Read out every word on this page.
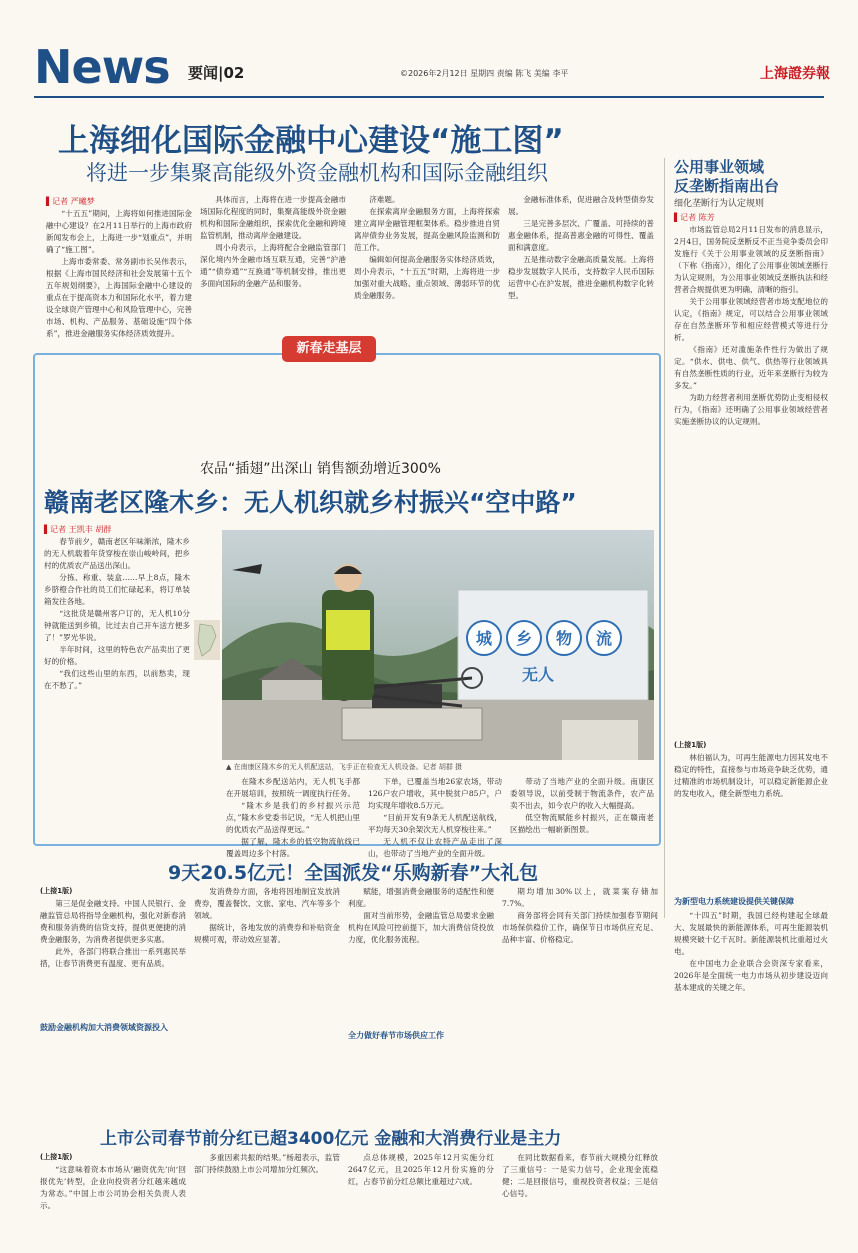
News 要闻|02	©2026年2月12日 星期四 责编 陈飞 美编 李平	上海證券報
上海细化国际金融中心建设“施工图”
将进一步集聚高能级外资金融机构和国际金融组织
▌记者 严曦梦

“十五五”期间，上海将如何推进国际金融中心建设？在2月11日举行的上海市政府新闻发布会上，上海进一步“划重点”，并明确了“施工图”。

上海市委常委、常务副市长吴伟表示，根据《上海市国民经济和社会发展第十五个五年规划纲要》，上海国际金融中心建设的重点在于提高资本力和国际化水平，着力建设全球资产管理中心和风险管理中心，完善市场、机构、产品服务、基础设施“四个体系”，推进金融服务实体经济质效提升。

具体而言，上海将在进一步提高金融市场国际化程度的同时，集聚高能级外资金融机构和国际金融组织，探索优化金融和跨境监管机制，推动离岸金融建设。

周小舟表示，上海将配合金融监管部门深化境内外金融市场互联互通，完善“沪港通”“债券通”“互换通”等机制安排，推出更多面向国际的金融产品和服务。

济难题。

在探索离岸金融服务方面，上海将探索建立离岸金融管理框架体系。稳步推进自贸离岸债券业务发展，提高金融风险监测和防范工作。

编辑如何提高金融服务实体经济质效，周小舟表示，“十五五”时期，上海将进一步加强对重大战略、重点领域、薄弱环节的优质金融服务。

金融标准体系，促进融合及转型债券发展。

三是完善多层次、广覆盖、可持续的普惠金融体系，提高普惠金融的可得性、覆盖面和满意度。

五是推动数字金融高质量发展。上海将稳步发展数字人民币，支持数字人民币国际运营中心在沪发展，推进金融机构数字化转型。

公用事业领域
反垄断指南出台
细化垄断行为认定规则
▌记者 陈芳

市场监管总局2月11日发布的消息显示，2月4日，国务院反垄断反不正当竞争委员会印发施行《关于公用事业领域的反垄断指南》（下称《指南》），细化了公用事业领域垄断行为认定规则，为公用事业领域反垄断执法和经营者合规提供更为明确、清晰的指引。

关于公用事业领域经营者市场支配地位的认定，《指南》规定，可以结合公用事业领域存在自然垄断环节和相应经营模式等进行分析。

《指南》还对滥施条件性行为做出了规定。“供水、供电、供气、供热等行业领域具有自然垄断性质的行业，近年来垄断行为较为多发。”

为助力经营者利用垄断优势防止变相侵权行为，《指南》还明确了公用事业领域经营者实施垄断协议的认定规则。

(上接1版)

林伯福认为，可再生能源电力因其发电不稳定的特性，直接参与市场竞争缺乏优势，通过精准的市场机制设计，可以稳定新能源企业的发电收入，健全新型电力系统。

为新型电力系统建设提供关键保障

“十四五”时期，我国已经构建起全球最大、发展最快的新能源体系，可再生能源装机规模突破十亿千瓦时。新能源装机比重超过火电。

在中国电力企业联合会资深专家看来，2026年是全面统一电力市场从初步建设迈向基本建成的关键之年。

新春走基层
农品“插翅”出深山 销售额劲增近300%
赣南老区隆木乡：无人机织就乡村振兴“空中路”
▌记者 王凯丰 胡群

春节前夕，赣南老区年味渐浓，隆木乡的无人机载着年货穿梭在崇山峻岭间，把乡村的优质农产品送出深山。

分拣、称重、装盒……早上8点，隆木乡脐橙合作社的员工们忙碌起来，将订单装箱发往各地。

“这批货是赣州客户订的，无人机10分钟就能送到乡镇，比过去自己开车送方便多了！”罗光华说。

半年时间，这里的特色农产品卖出了更好的价格。

“我们这些山里的东西，以前愁卖，现在不愁了。”

城 乡 物 流无人
▲ 在南康区隆木乡的无人机配送站，飞手正在检查无人机设备。记者 胡群 摄

在隆木乡配送站内，无人机飞手都在开展培训，按照统一调度执行任务。

“隆木乡是我们的乡村振兴示范点，”隆木乡党委书记说，“无人机把山里的优质农产品送得更远。”

据了解，隆木乡的低空物流航线已覆盖周边多个村落。

下单，已覆盖当地26家农场，带动126户农户增收，其中脱贫户85户，户均实现年增收8.5万元。

“目前开发有9条无人机配送航线，平均每天30余架次无人机穿梭往来。”

无人机不仅让农特产品走出了深山，也带动了当地产业的全面升级。

带动了当地产业的全面升级。南康区委领导说，以前受制于物流条件，农产品卖不出去，如今农户的收入大幅提高。

低空物流赋能乡村振兴，正在赣南老区描绘出一幅崭新图景。

9天20.5亿元！全国派发“乐购新春”大礼包
(上接1版)

第三是促金融支持。中国人民银行、金融监管总局将指导金融机构，强化对新春消费和服务消费的信贷支持，提供更便捷的消费金融服务，为消费者提供更多实惠。

此外，各部门将联合推出一系列惠民举措，让春节消费更有温度、更有品质。

鼓励金融机构加大消费领域资源投入

发消费券方面，各地将因地制宜发放消费券，覆盖餐饮、文旅、家电、汽车等多个领域。

据统计，各地发放的消费券和补贴资金规模可观，带动效应显著。

赋能，增强消费金融服务的适配性和便利度。

面对当前形势，金融监管总局要求金融机构在风险可控前提下，加大消费信贷投放力度，优化服务流程。

全力做好春节市场供应工作

期均增加30%以上，就菜案存储加7.7%。

商务部将会同有关部门持续加强春节期间市场保供稳价工作，确保节日市场供应充足、品种丰富、价格稳定。

上市公司春节前分红已超3400亿元 金融和大消费行业是主力
(上接1版)

“这意味着资本市场从‘融资优先’向‘回报优先’转型，企业向投资者分红越来越成为常态。”中国上市公司协会相关负责人表示。

多重因素共振的结果。”杨超表示，监管部门持续鼓励上市公司增加分红频次。

点总体规模，2025年12月实施分红2647亿元，且2025年12月份实施的分红，占春节前分红总额比重超过六成。

在同比数据看来，春节前大规模分红释放了三重信号：一是实力信号，企业现金流稳健；二是回报信号，重视投资者权益；三是信心信号。
